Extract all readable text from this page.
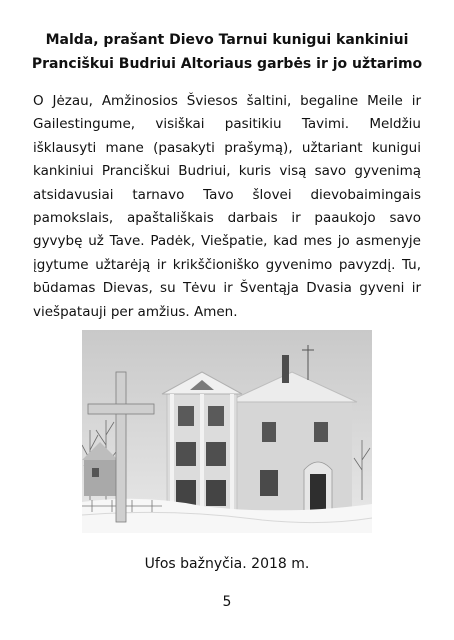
Malda, prašant Dievo Tarnui kunigui kankiniui
Pranciškui Budriui Altoriaus garbės ir jo užtarimo

O Jėzau, Amžinosios Šviesos šaltini, begaline Meile ir Gailestingume, visiškai pasitikiu Tavimi. Meldžiu išklausyti mane (pasakyti prašymą), užtariant kunigui kankiniui Pranciškui Budriui, kuris visą savo gyvenimą atsidavusiai tarnavo Tavo šlovei dievobaimingais pamokslais, apaštališkais darbais ir paaukojo savo gyvybę už Tave. Padėk, Viešpatie, kad mes jo asmenyje įgytume užtarėją ir krikščioniško gyvenimo pavyzdį. Tu, būdamas Dievas, su Tėvu ir Šventąja Dvasia gyveni ir viešpatauji per amžius. Amen.

Ufos bažnyčia. 2018 m.
5
